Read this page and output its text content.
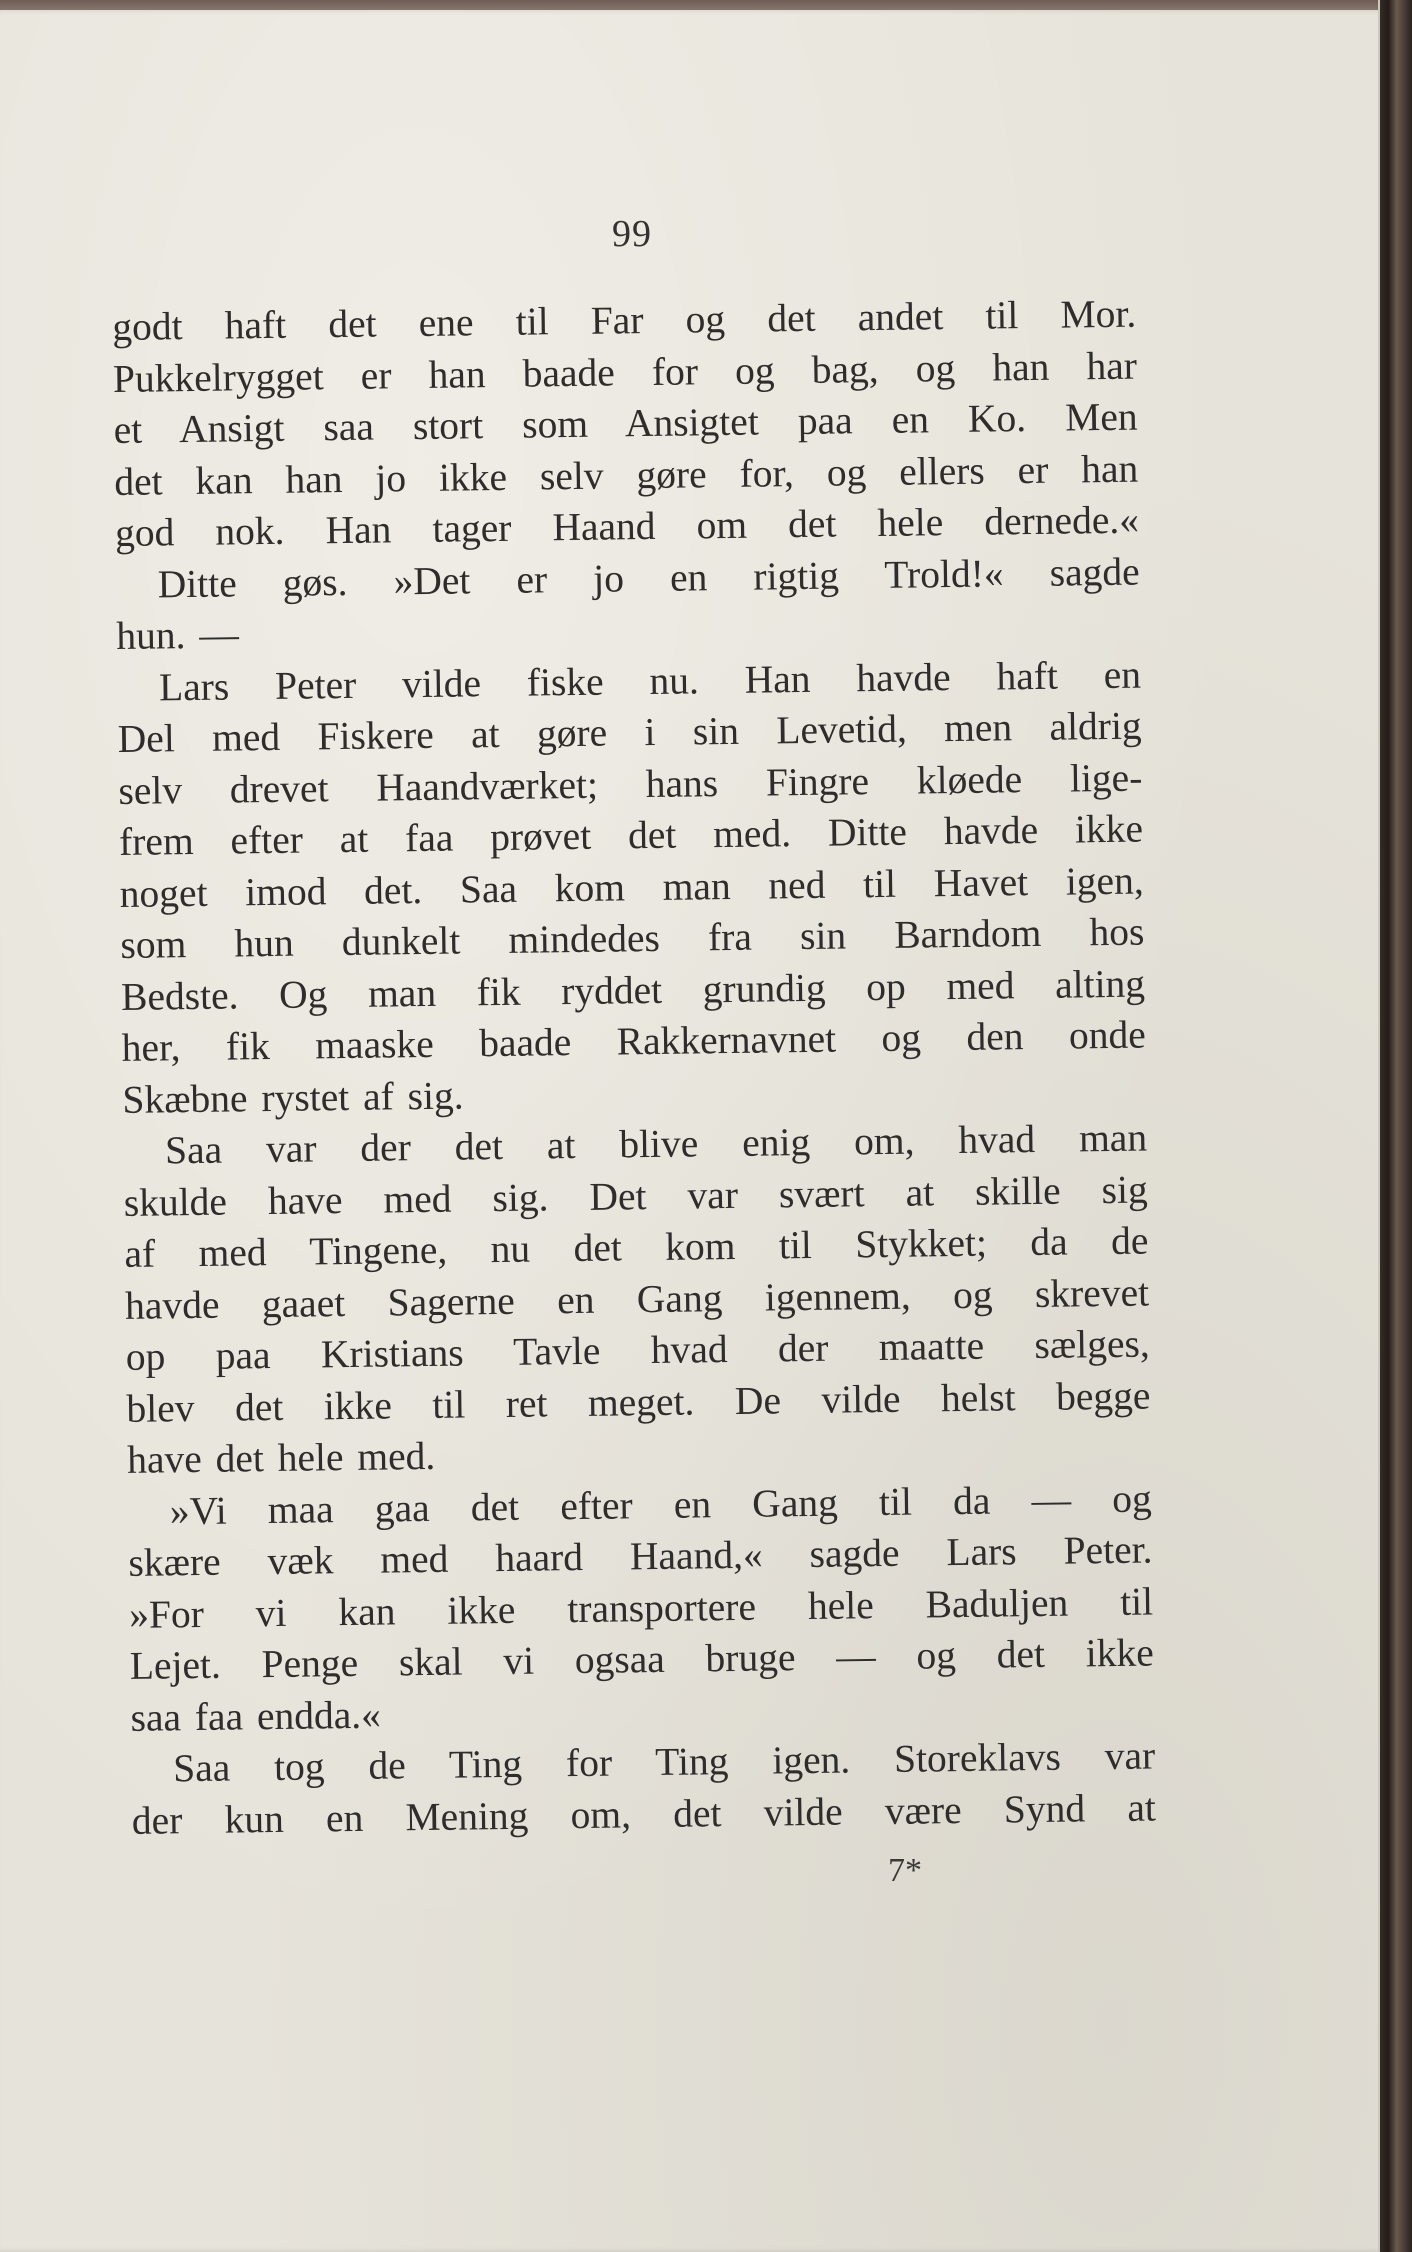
99
godt haft det ene til Far og det andet til Mor.
Pukkelrygget er han baade for og bag, og han har
et Ansigt saa stort som Ansigtet paa en Ko. Men
det kan han jo ikke selv gøre for, og ellers er han
god nok. Han tager Haand om det hele dernede.«
Ditte gøs. »Det er jo en rigtig Trold!« sagde
hun. —
Lars Peter vilde fiske nu. Han havde haft en
Del med Fiskere at gøre i sin Levetid, men aldrig
selv drevet Haandværket; hans Fingre kløede lige-
frem efter at faa prøvet det med. Ditte havde ikke
noget imod det. Saa kom man ned til Havet igen,
som hun dunkelt mindedes fra sin Barndom hos
Bedste. Og man fik ryddet grundig op med alting
her, fik maaske baade Rakkernavnet og den onde
Skæbne rystet af sig.
Saa var der det at blive enig om, hvad man
skulde have med sig. Det var svært at skille sig
af med Tingene, nu det kom til Stykket; da de
havde gaaet Sagerne en Gang igennem, og skrevet
op paa Kristians Tavle hvad der maatte sælges,
blev det ikke til ret meget. De vilde helst begge
have det hele med.
»Vi maa gaa det efter en Gang til da — og
skære væk med haard Haand,« sagde Lars Peter.
»For vi kan ikke transportere hele Baduljen til
Lejet. Penge skal vi ogsaa bruge — og det ikke
saa faa endda.«
Saa tog de Ting for Ting igen. Storeklavs var
der kun en Mening om, det vilde være Synd at
7*
